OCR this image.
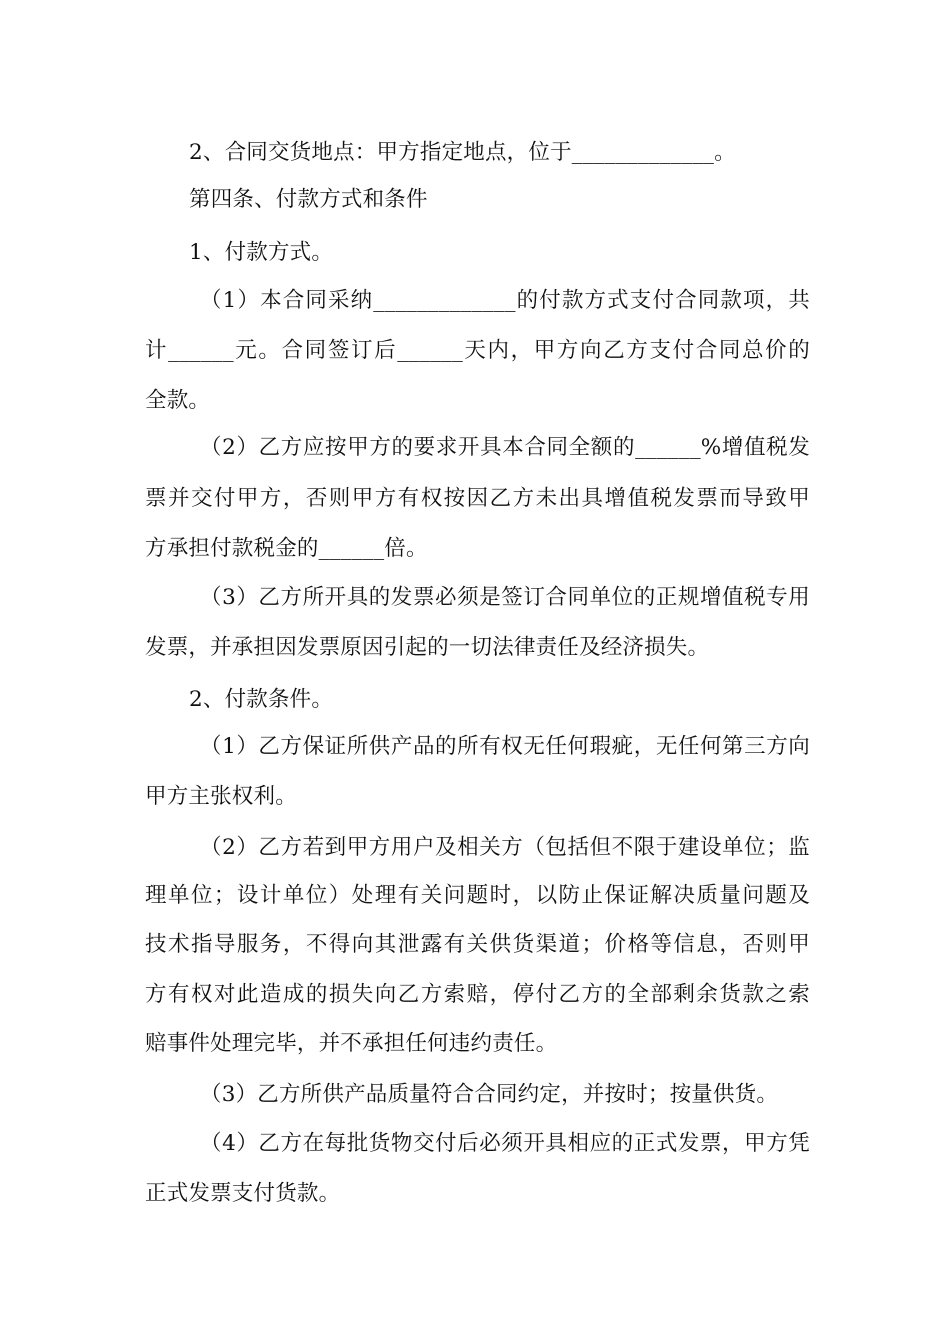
2、合同交货地点：甲方指定地点，位于_____________。
第四条、付款方式和条件
1、付款方式。
（1）本合同采纳_____________的付款方式支付合同款项，共
计______元。合同签订后______天内，甲方向乙方支付合同总价的
全款。
（2）乙方应按甲方的要求开具本合同全额的______%增值税发
票并交付甲方，否则甲方有权按因乙方未出具增值税发票而导致甲
方承担付款税金的______倍。
（3）乙方所开具的发票必须是签订合同单位的正规增值税专用
发票，并承担因发票原因引起的一切法律责任及经济损失。
2、付款条件。
（1）乙方保证所供产品的所有权无任何瑕疵，无任何第三方向
甲方主张权利。
（2）乙方若到甲方用户及相关方（包括但不限于建设单位；监
理单位；设计单位）处理有关问题时，以防止保证解决质量问题及
技术指导服务，不得向其泄露有关供货渠道；价格等信息，否则甲
方有权对此造成的损失向乙方索赔，停付乙方的全部剩余货款之索
赔事件处理完毕，并不承担任何违约责任。
（3）乙方所供产品质量符合合同约定，并按时；按量供货。
（4）乙方在每批货物交付后必须开具相应的正式发票，甲方凭
正式发票支付货款。
